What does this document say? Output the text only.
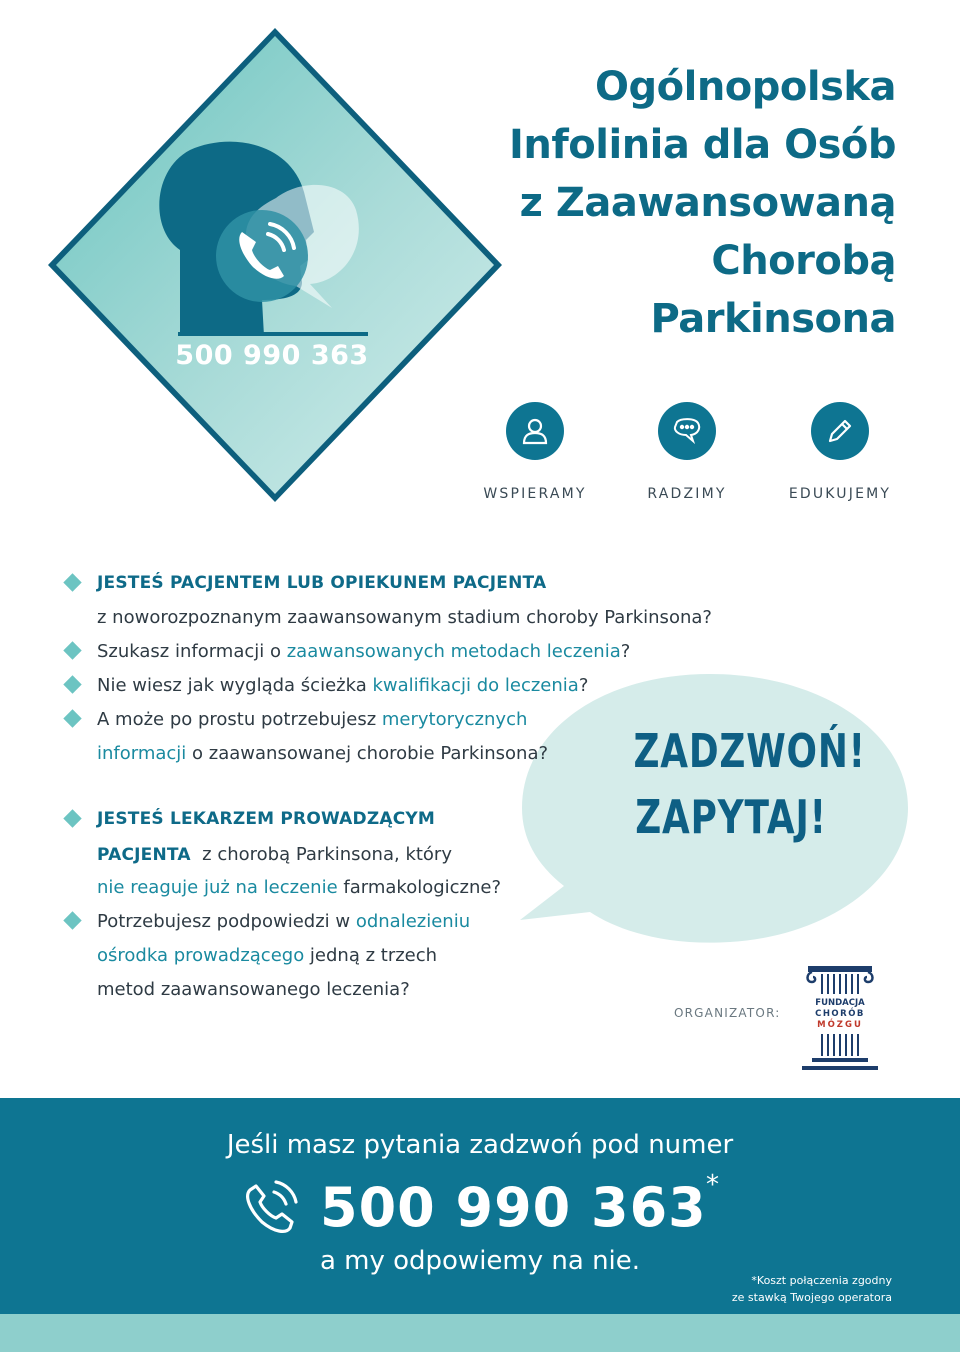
500 990 363
Ogólnopolska
Infolinia dla Osób
z Zaawansowaną
Chorobą
Parkinsona
WSPIERAMY	RADZIMY	EDUKUJEMY
ZADZWOŃ!
ZAPYTAJ!
JESTEŚ PACJENTEM LUB OPIEKUNEM PACJENTA
z noworozpoznanym zaawansowanym stadium choroby Parkinsona?
Szukasz informacji o zaawansowanych metodach leczenia?
Nie wiesz jak wygląda ścieżka kwalifikacji do leczenia?
A może po prostu potrzebujesz merytorycznych
informacji o zaawansowanej chorobie Parkinsona?
JESTEŚ LEKARZEM PROWADZĄCYM
PACJENTA  z chorobą Parkinsona, który
nie reaguje już na leczenie farmakologiczne?
Potrzebujesz podpowiedzi w odnalezieniu
ośrodka prowadzącego jedną z trzech
metod zaawansowanego leczenia?
ORGANIZATOR:
FUNDACJA
CHORÓB
MÓZGU
Jeśli masz pytania zadzwoń pod numer
500 990 363 *
a my odpowiemy na nie.
*Koszt połączenia zgodny
ze stawką Twojego operatora
